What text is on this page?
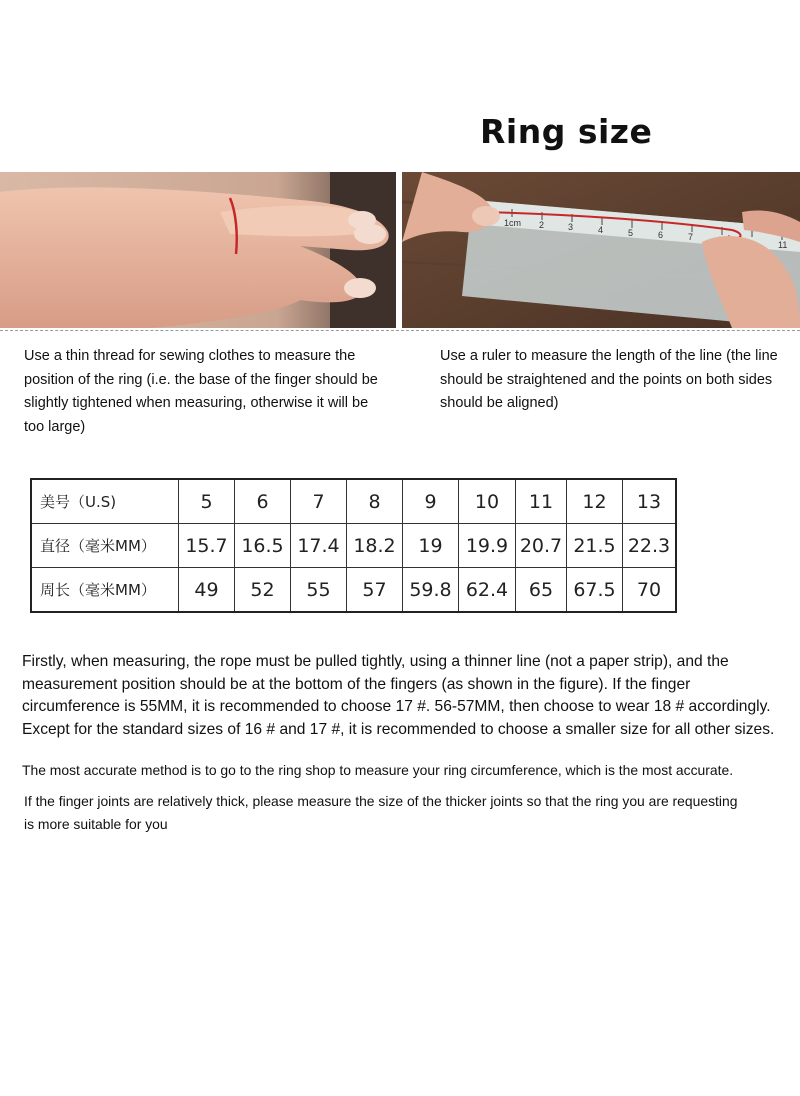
Ring size
1cm 2	3	4	5	6	7
11
Use a thin thread for sewing clothes to measure the position of the ring (i.e. the base of the finger should be slightly tightened when measuring, otherwise it will be too large)
Use a ruler to measure the length of the line (the line should be straightened and the points on both sides should be aligned)
美号（U.S)	5	6	7	8	9	10	11	12	13
直径（毫米MM）	15.7	16.5	17.4	18.2	19	19.9	20.7	21.5	22.3
周长（毫米MM）	49	52	55	57	59.8	62.4	65	67.5	70
Firstly, when measuring, the rope must be pulled tightly, using a thinner line (not a paper strip), and the measurement position should be at the bottom of the fingers (as shown in the figure). If the finger circumference is 55MM, it is recommended to choose 17 #. 56-57MM, then choose to wear 18 # accordingly. Except for the standard sizes of 16 # and 17 #, it is recommended to choose a smaller size for all other sizes.
The most accurate method is to go to the ring shop to measure your ring circumference, which is the most accurate.
If the finger joints are relatively thick, please measure the size of the thicker joints so that the ring you are requesting is more suitable for you
